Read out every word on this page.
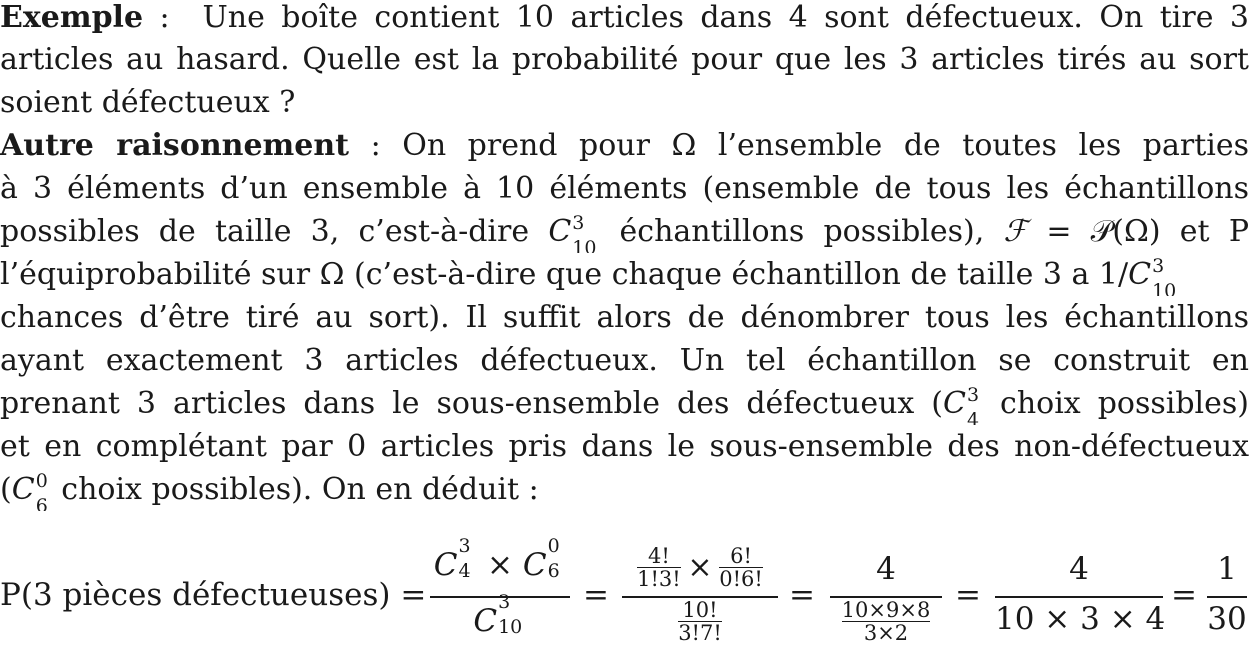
Exemple : Une boîte contient 10 articles dans 4 sont défectueux. On tire 3
articles au hasard. Quelle est la probabilité pour que les 3 articles tirés au sort
soient défectueux ?
Autre raisonnement : On prend pour Ω l’ensemble de toutes les parties
à 3 éléments d’un ensemble à 10 éléments (ensemble de tous les échantillons
possibles de taille 3, c’est-à-dire C 3
10 échantillons possibles), ℱ = 𝒫(Ω) et P
l’équiprobabilité sur Ω (c’est-à-dire que chaque échantillon de taille 3 a 1/C 3
10
chances d’être tiré au sort). Il suffit alors de dénombrer tous les échantillons
ayant exactement 3 articles défectueux. Un tel échantillon se construit en
prenant 3 articles dans le sous-ensemble des défectueux (C 3
4 choix possibles)
et en complétant par 0 articles pris dans le sous-ensemble des non-défectueux
(C 0
6 choix possibles). On en déduit :
P(3 pièces défectueuses) =
C
3
4 × C
0
6

C
3
10

=
$\frac{4!}{1!3!} \times \frac{6!}{0!6!}$
$\frac{10!}{3!7!}$
=
4
$\frac{10\times 9\times 8}{3\times 2}$
=
4
10 × 3 × 4
=
1
30
